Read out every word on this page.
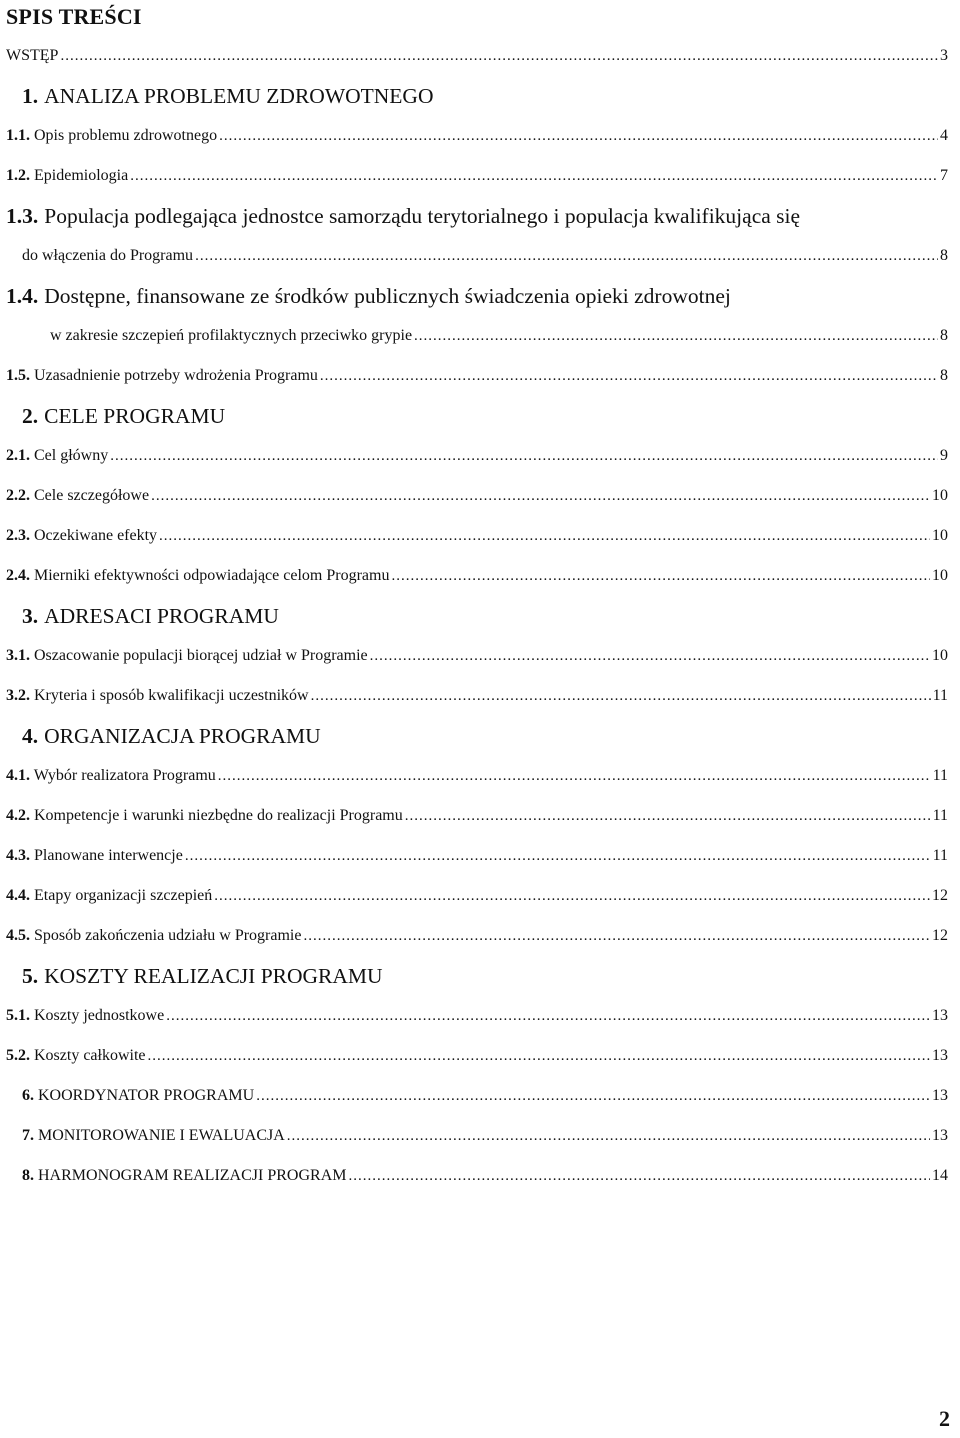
SPIS TREŚCI
WSTĘP .....	3
1. ANALIZA PROBLEMU ZDROWOTNEGO
1.1. Opis problemu zdrowotnego .....	4
1.2. Epidemiologia .....	7
1.3. Populacja podlegająca jednostce samorządu terytorialnego i populacja kwalifikująca się
do włączenia do Programu .....	8
1.4. Dostępne, finansowane ze środków publicznych świadczenia opieki zdrowotnej
w zakresie szczepień profilaktycznych przeciwko grypie .....	8
1.5. Uzasadnienie potrzeby wdrożenia Programu .....	8
2. CELE PROGRAMU
2.1. Cel główny .....	9
2.2. Cele szczegółowe .....	10
2.3. Oczekiwane efekty .....	10
2.4. Mierniki efektywności odpowiadające celom Programu .....	10
3. ADRESACI PROGRAMU
3.1. Oszacowanie populacji biorącej udział w Programie .....	10
3.2. Kryteria i sposób kwalifikacji uczestników .....	11
4. ORGANIZACJA PROGRAMU
4.1. Wybór realizatora Programu .....	11
4.2. Kompetencje i warunki niezbędne do realizacji Programu .....	11
4.3. Planowane interwencje .....	11
4.4. Etapy organizacji szczepień .....	12
4.5. Sposób zakończenia udziału w Programie .....	12
5. KOSZTY REALIZACJI PROGRAMU
5.1. Koszty jednostkowe .....	13
5.2. Koszty całkowite .....	13
6. KOORDYNATOR PROGRAMU .....	13
7. MONITOROWANIE I EWALUACJA .....	13
8. HARMONOGRAM REALIZACJI PROGRAM .....	14
2
